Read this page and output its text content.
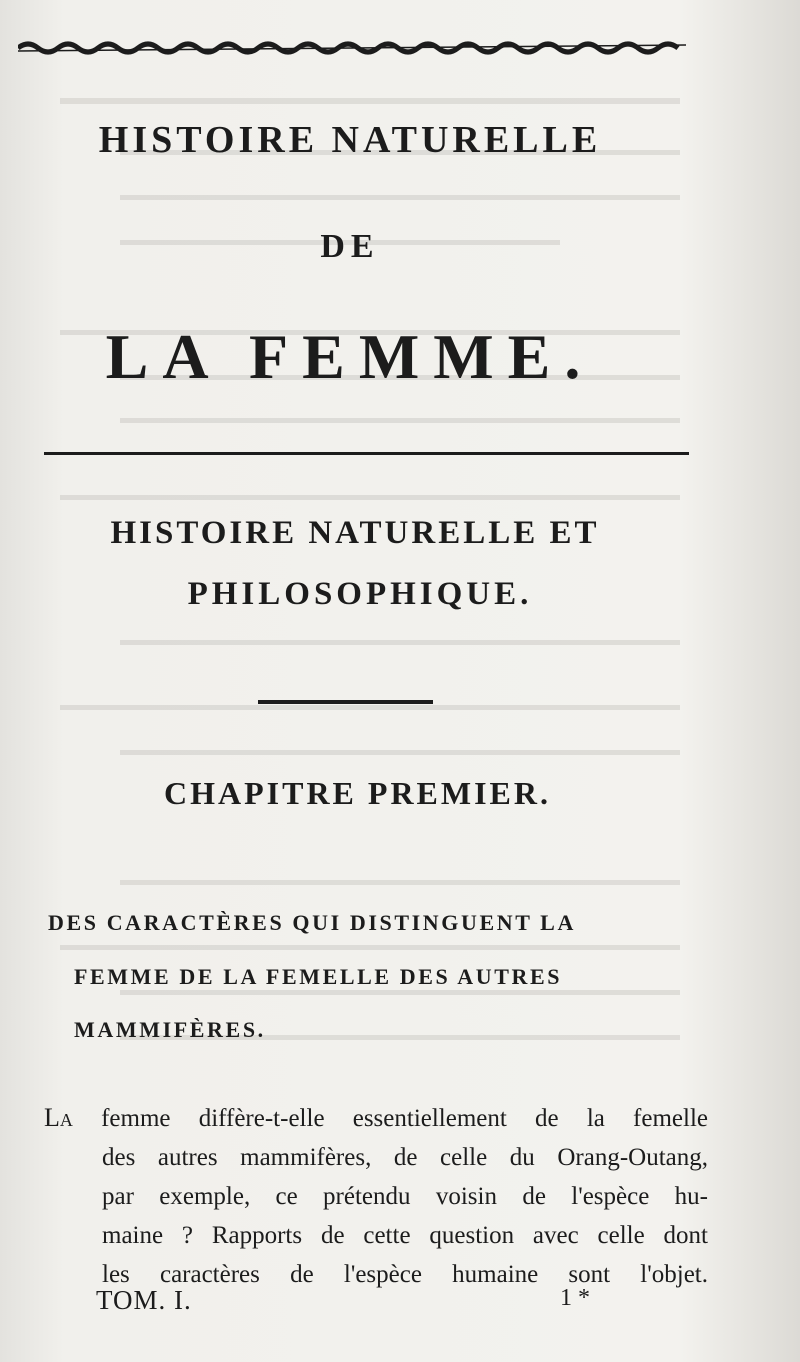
HISTOIRE NATURELLE
DE
LA FEMME.
HISTOIRE NATURELLE ET
PHILOSOPHIQUE.
CHAPITRE PREMIER.
DES CARACTÈRES QUI DISTINGUENT LA
FEMME DE LA FEMELLE DES AUTRES
MAMMIFÈRES.
La femme diffère-t-elle essentiellement de la femelle
des autres mammifères, de celle du Orang-Outang,
par exemple, ce prétendu voisin de l'espèce hu-
maine ? Rapports de cette question avec celle dont
les caractères de l'espèce humaine sont l'objet.
TOM. I.	1 *
